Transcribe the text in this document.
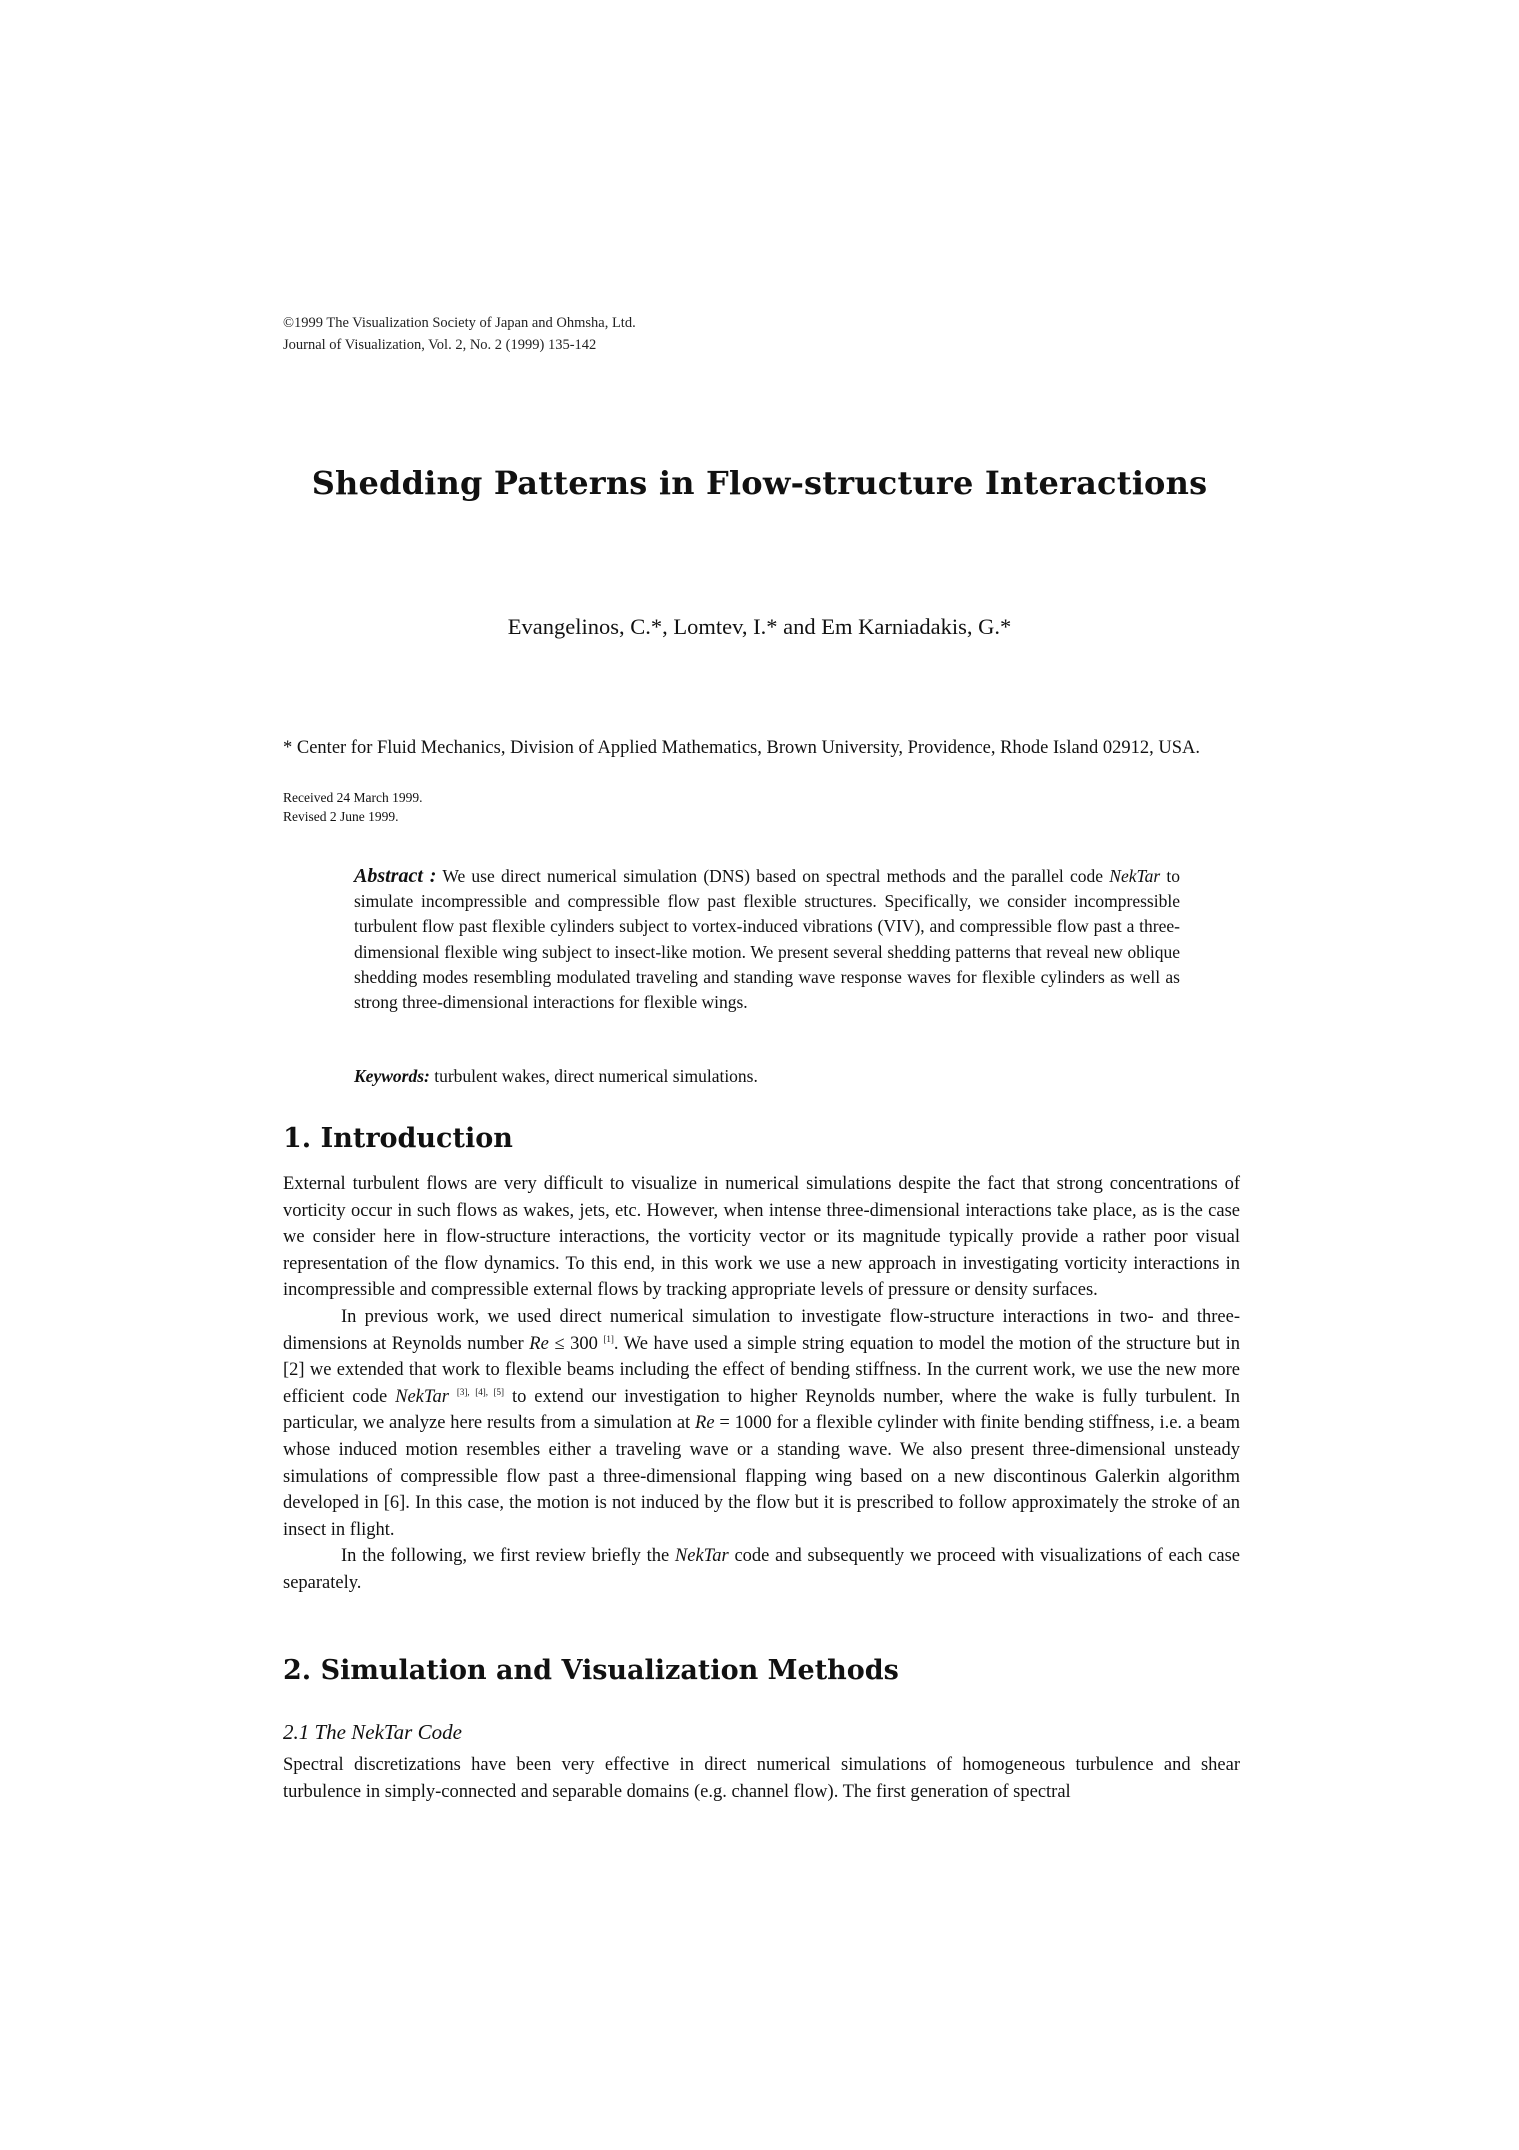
©1999 The Visualization Society of Japan and Ohmsha, Ltd.
Journal of Visualization, Vol. 2, No. 2 (1999) 135-142
Shedding Patterns in Flow-structure Interactions
Evangelinos, C.*, Lomtev, I.* and Em Karniadakis, G.*
* Center for Fluid Mechanics, Division of Applied Mathematics, Brown University, Providence, Rhode Island 02912, USA.
Received 24 March 1999.
Revised 2 June 1999.
Abstract : We use direct numerical simulation (DNS) based on spectral methods and the parallel code NekTar to simulate incompressible and compressible flow past flexible structures. Specifically, we consider incompressible turbulent flow past flexible cylinders subject to vortex-induced vibrations (VIV), and compressible flow past a three-dimensional flexible wing subject to insect-like motion. We present several shedding patterns that reveal new oblique shedding modes resembling modulated traveling and standing wave response waves for flexible cylinders as well as strong three-dimensional interactions for flexible wings.
Keywords: turbulent wakes, direct numerical simulations.
1. Introduction

External turbulent flows are very difficult to visualize in numerical simulations despite the fact that strong concentrations of vorticity occur in such flows as wakes, jets, etc. However, when intense three-dimensional interactions take place, as is the case we consider here in flow-structure interactions, the vorticity vector or its magnitude typically provide a rather poor visual representation of the flow dynamics. To this end, in this work we use a new approach in investigating vorticity interactions in incompressible and compressible external flows by tracking appropriate levels of pressure or density surfaces.

In previous work, we used direct numerical simulation to investigate flow-structure interactions in two- and three-dimensions at Reynolds number Re ≤ 300 [1]. We have used a simple string equation to model the motion of the structure but in [2] we extended that work to flexible beams including the effect of bending stiffness. In the current work, we use the new more efficient code NekTar [3], [4], [5] to extend our investigation to higher Reynolds number, where the wake is fully turbulent. In particular, we analyze here results from a simulation at Re = 1000 for a flexible cylinder with finite bending stiffness, i.e. a beam whose induced motion resembles either a traveling wave or a standing wave. We also present three-dimensional unsteady simulations of compressible flow past a three-dimensional flapping wing based on a new discontinous Galerkin algorithm developed in [6]. In this case, the motion is not induced by the flow but it is prescribed to follow approximately the stroke of an insect in flight.

In the following, we first review briefly the NekTar code and subsequently we proceed with visualizations of each case separately.

2. Simulation and Visualization Methods
2.1 The NekTar Code

Spectral discretizations have been very effective in direct numerical simulations of homogeneous turbulence and shear turbulence in simply-connected and separable domains (e.g. channel flow). The first generation of spectral
